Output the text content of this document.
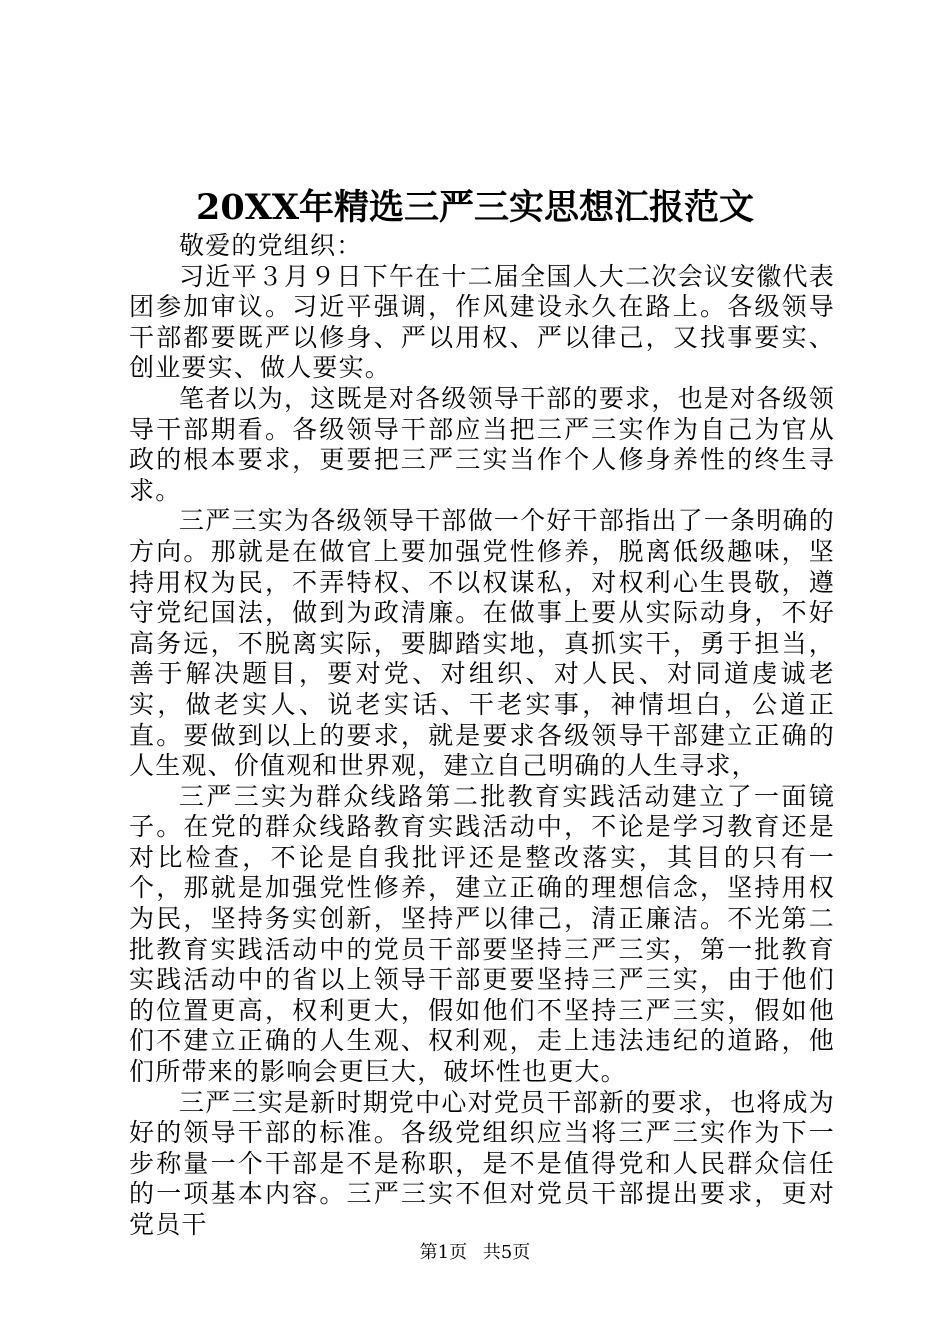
20XX年精选三严三实思想汇报范文

敬爱的党组织：

习近平３月９日下午在十二届全国人大二次会议安徽代表团参加审议。习近平强调，作风建设永久在路上。各级领导干部都要既严以修身、严以用权、严以律己，又找事要实、创业要实、做人要实。

笔者以为，这既是对各级领导干部的要求，也是对各级领导干部期看。各级领导干部应当把三严三实作为自己为官从政的根本要求，更要把三严三实当作个人修身养性的终生寻求。

三严三实为各级领导干部做一个好干部指出了一条明确的方向。那就是在做官上要加强党性修养，脱离低级趣味，坚持用权为民，不弄特权、不以权谋私，对权利心生畏敬，遵守党纪国法，做到为政清廉。在做事上要从实际动身，不好高务远，不脱离实际，要脚踏实地，真抓实干，勇于担当，善于解决题目，要对党、对组织、对人民、对同道虔诚老实，做老实人、说老实话、干老实事，神情坦白，公道正直。要做到以上的要求，就是要求各级领导干部建立正确的人生观、价值观和世界观，建立自己明确的人生寻求，

三严三实为群众线路第二批教育实践活动建立了一面镜子。在党的群众线路教育实践活动中，不论是学习教育还是对比检查，不论是自我批评还是整改落实，其目的只有一个，那就是加强党性修养，建立正确的理想信念，坚持用权为民，坚持务实创新，坚持严以律己，清正廉洁。不光第二批教育实践活动中的党员干部要坚持三严三实，第一批教育实践活动中的省以上领导干部更要坚持三严三实，由于他们的位置更高，权利更大，假如他们不坚持三严三实，假如他们不建立正确的人生观、权利观，走上违法违纪的道路，他们所带来的影响会更巨大，破坏性也更大。

三严三实是新时期党中心对党员干部新的要求，也将成为好的领导干部的标准。各级党组织应当将三严三实作为下一步称量一个干部是不是称职，是不是值得党和人民群众信任的一项基本内容。三严三实不但对党员干部提出要求，更对党员干

第1页 共5页
